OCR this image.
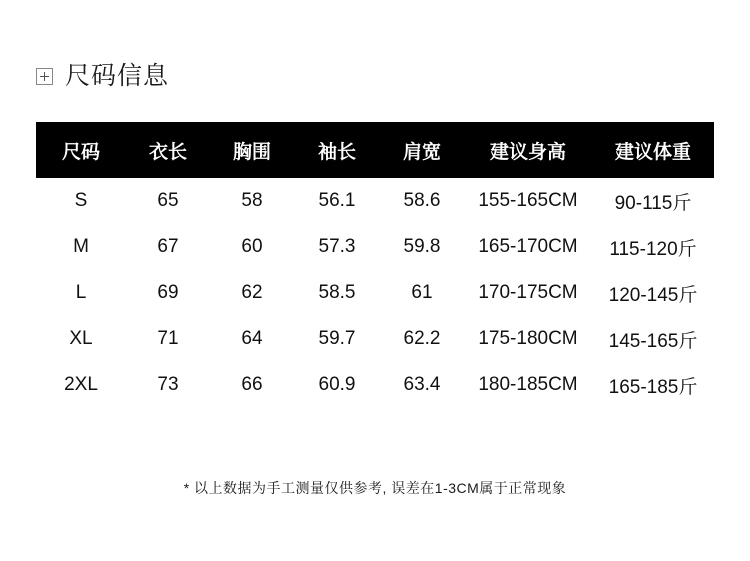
尺码信息
尺码	衣长	胸围	袖长	肩宽	建议身高	建议体重
S	65	58	56.1	58.6	155-165CM	90-115斤
M	67	60	57.3	59.8	165-170CM	115-120斤
L	69	62	58.5	61	170-175CM	120-145斤
XL	71	64	59.7	62.2	175-180CM	145-165斤
2XL	73	66	60.9	63.4	180-185CM	165-185斤
* 以上数据为手工测量仅供参考, 误差在1-3CM属于正常现象
